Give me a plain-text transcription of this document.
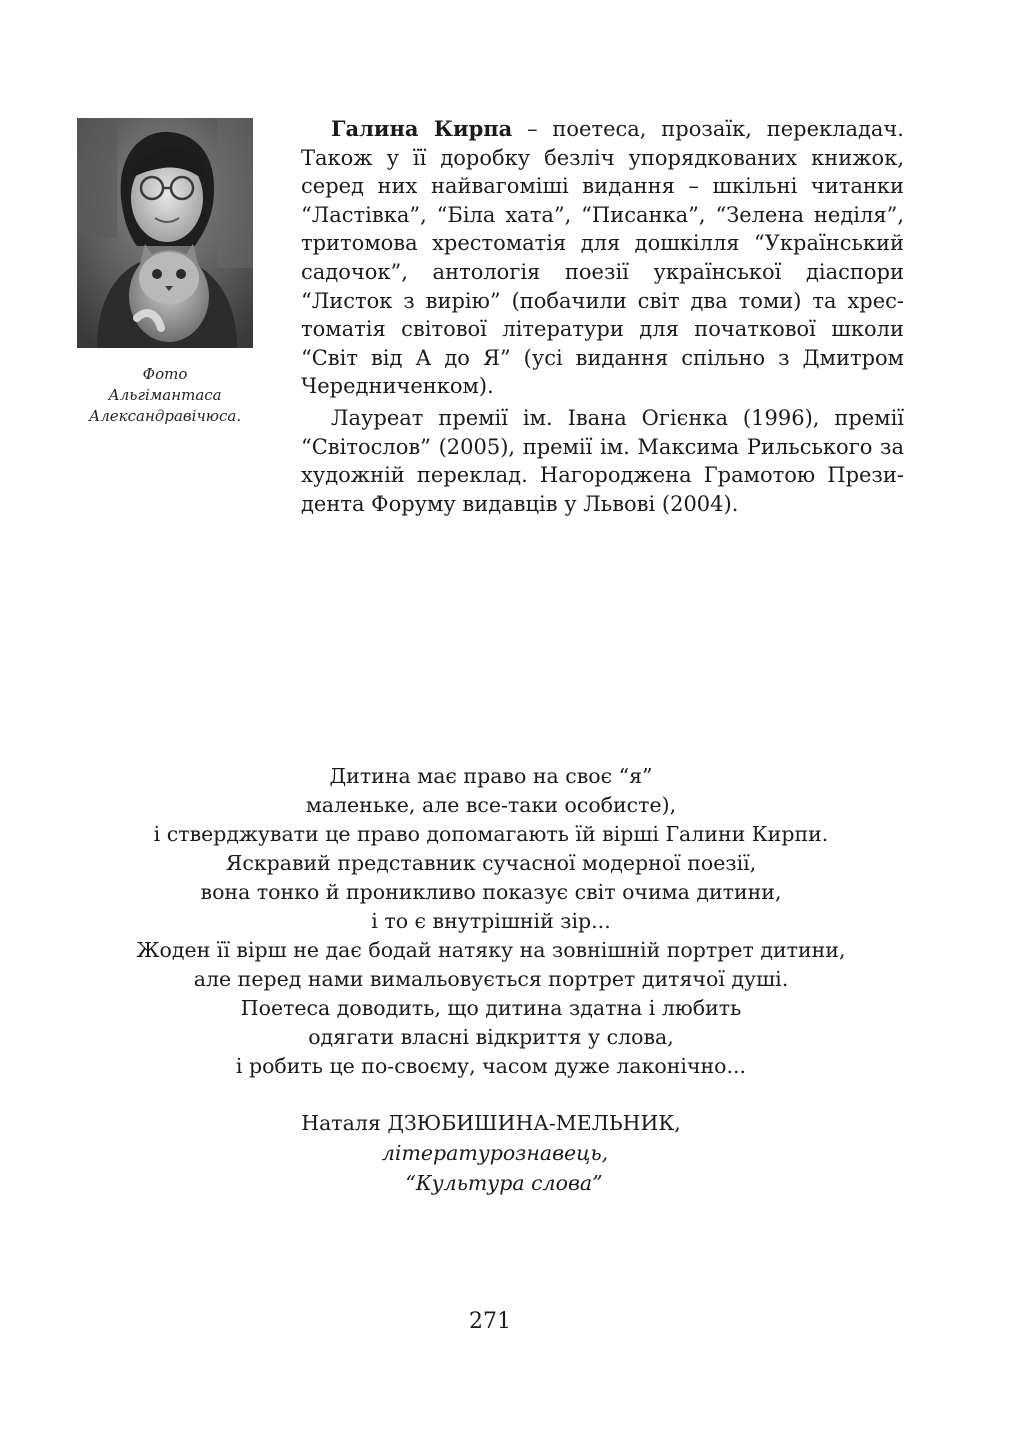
Фото
Альгімантаса
Александравічюса.

Галина Кирпа – поетеса, прозаїк, перекладач. Також у її доробку безліч упорядкованих книжок, серед них найвагоміші видання – шкільні читанки “Ластівка”, “Біла хата”, “Писанка”, “Зелена неділя”, тритомова хрестоматія для дошкілля “Український садочок”, антологія поезії української діаспори “Листок з вирію” (побачили світ два томи) та хрестоматія світової літератури для початкової школи “Світ від А до Я” (усі видання спільно з Дмитром Чередниченком).

Лауреат премії ім. Івана Огієнка (1996), премії “Світослов” (2005), премії ім. Максима Рильського за художній переклад. Нагороджена Грамотою Президента Форуму видавців у Львові (2004).

Дитина має право на своє “я”
маленьке, але все-таки особисте),
і стверджувати це право допомагають їй вірші Галини Кирпи.
Яскравий представник сучасної модерної поезії,
вона тонко й проникливо показує світ очима дитини,
і то є внутрішній зір...
Жоден її вірш не дає бодай натяку на зовнішній портрет дитини,
але перед нами вимальовується портрет дитячої душі.
Поетеса доводить, що дитина здатна і любить
одягати власні відкриття у слова,
і робить це по-своєму, часом дуже лаконічно...
Наталя ДЗЮБИШИНА-МЕЛЬНИК,
літературознавець,
“Культура слова”
271
